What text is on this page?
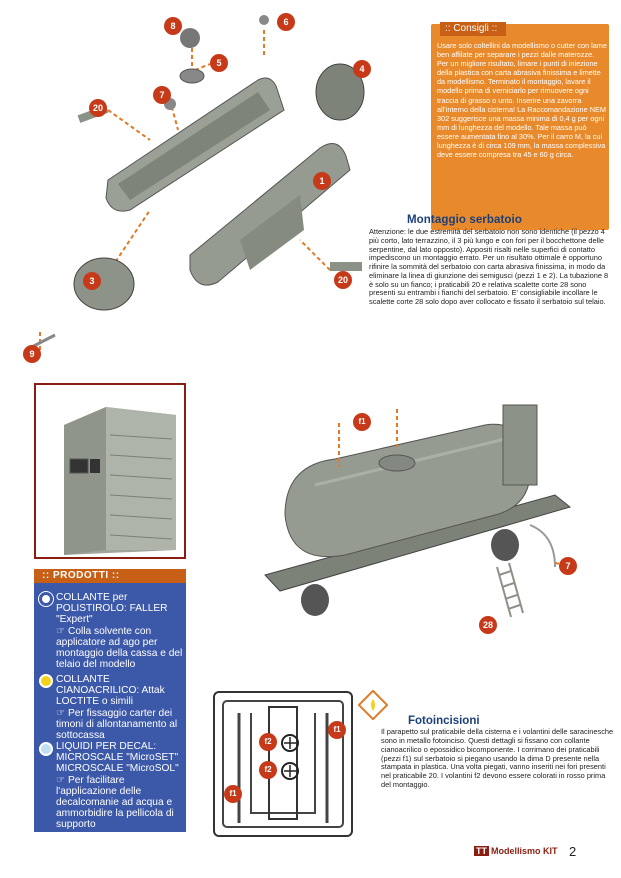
8	6
5
4
7
20
1
3	20
9
:: Consigli ::
Usare solo coltellini da modellismo o cutter con lame ben affilate per separare i pezzi dalle materozze. Per un migliore risultato, limare i punti di iniezione della plastica con carta abrasiva finissima e limette da modellismo. Terminato il montaggio, lavare il modello prima di verniciarlo per rimuovere ogni traccia di grasso o unto. Inserire una zavorra all'interno della cisterna! La Raccomandazione NEM 302 suggerisce una massa minima di 0,4 g per ogni mm di lunghezza del modello. Tale massa può essere aumentata fino al 30%. Per il carro M, la cui lunghezza è di circa 109 mm, la massa complessiva deve essere compresa tra 45 e 60 g circa.
Montaggio serbatoio
Attenzione: le due estremità del serbatoio non sono identiche (il pezzo 4 più corto, lato terrazzino, il 3 più lungo e con fori per il bocchettone delle serpentine, dal lato opposto). Appositi risalti nelle superfici di contatto impediscono un montaggio errato. Per un risultato ottimale è opportuno rifinire la sommità del serbatoio con carta abrasiva finissima, in modo da eliminare la linea di giunzione dei semigusci (pezzi 1 e 2). La tubazione 8 è solo su un fianco; i praticabili 20 e relativa scalette corte 28 sono presenti su entrambi i fianchi del serbatoio. E' consigliabile incollare le scalette corte 28 solo dopo aver collocato e fissato il serbatoio sul telaio.
f1
7
28
:: PRODOTTI ::
COLLANTE per POLISTIROLO: FALLER "Expert"
☞ Colla solvente con applicatore ad ago per montaggio della cassa e del telaio del modello
COLLANTE CIANOACRILICO: Attak LOCTITE o simili
☞ Per fissaggio carter dei timoni di allontanamento al sottocassa
LIQUIDI PER DECAL: MICROSCALE "MicroSET" MICROSCALE "MicroSOL"
☞ Per facilitare l'applicazione delle decalcomanie ad acqua e ammorbidire la pellicola di supporto
f1
f2
f2
f1
Fotoincisioni
Il parapetto sul praticabile della cisterna e i volantini delle saracinesche sono in metallo fotoinciso. Questi dettagli si fissano con collante cianoacrilico o epossidico bicomponente. I corrimano dei praticabili (pezzi f1) sul serbatoio si piegano usando la dima D presente nella stampata in plastica. Una volta piegati, vanno inseriti nei fori presenti nel praticabile 20. I volantini f2 devono essere colorati in rosso prima del montaggio.
TT Modellismo KIT 2
